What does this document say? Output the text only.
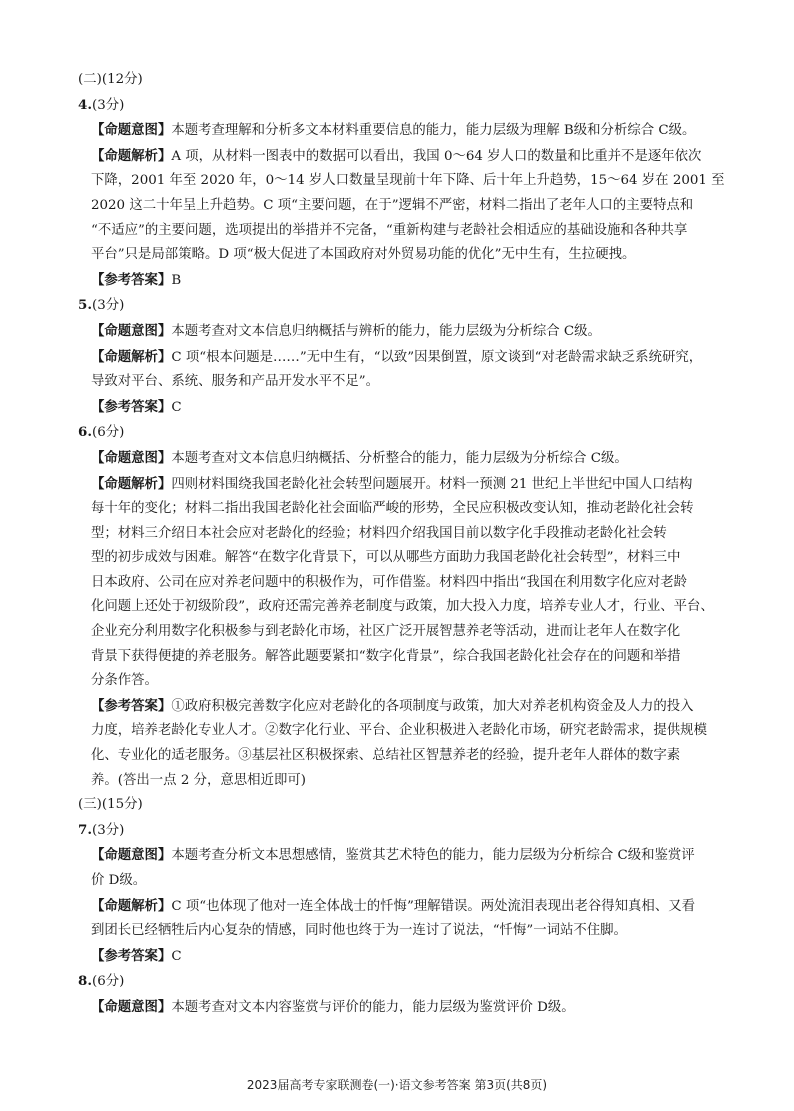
(二)(12分)
4.(3分)
【命题意图】本题考查理解和分析多文本材料重要信息的能力，能力层级为理解 B级和分析综合 C级。
【命题解析】A 项，从材料一图表中的数据可以看出，我国 0～64 岁人口的数量和比重并不是逐年依次
下降，2001 年至 2020 年，0～14 岁人口数量呈现前十年下降、后十年上升趋势，15～64 岁在 2001 至
2020 这二十年呈上升趋势。C 项“主要问题，在于”逻辑不严密，材料二指出了老年人口的主要特点和
“不适应”的主要问题，选项提出的举措并不完备，“重新构建与老龄社会相适应的基础设施和各种共享
平台”只是局部策略。D 项“极大促进了本国政府对外贸易功能的优化”无中生有，生拉硬拽。
【参考答案】B
5.(3分)
【命题意图】本题考查对文本信息归纳概括与辨析的能力，能力层级为分析综合 C级。
【命题解析】C 项“根本问题是……”无中生有，“以致”因果倒置，原文谈到“对老龄需求缺乏系统研究，
导致对平台、系统、服务和产品开发水平不足”。
【参考答案】C
6.(6分)
【命题意图】本题考查对文本信息归纳概括、分析整合的能力，能力层级为分析综合 C级。
【命题解析】四则材料围绕我国老龄化社会转型问题展开。材料一预测 21 世纪上半世纪中国人口结构
每十年的变化；材料二指出我国老龄化社会面临严峻的形势，全民应积极改变认知，推动老龄化社会转
型；材料三介绍日本社会应对老龄化的经验；材料四介绍我国目前以数字化手段推动老龄化社会转
型的初步成效与困难。解答“在数字化背景下，可以从哪些方面助力我国老龄化社会转型”，材料三中
日本政府、公司在应对养老问题中的积极作为，可作借鉴。材料四中指出“我国在利用数字化应对老龄
化问题上还处于初级阶段”，政府还需完善养老制度与政策，加大投入力度，培养专业人才，行业、平台、
企业充分利用数字化积极参与到老龄化市场，社区广泛开展智慧养老等活动，进而让老年人在数字化
背景下获得便捷的养老服务。解答此题要紧扣“数字化背景”，综合我国老龄化社会存在的问题和举措
分条作答。
【参考答案】①政府积极完善数字化应对老龄化的各项制度与政策，加大对养老机构资金及人力的投入
力度，培养老龄化专业人才。②数字化行业、平台、企业积极进入老龄化市场，研究老龄需求，提供规模
化、专业化的适老服务。③基层社区积极探索、总结社区智慧养老的经验，提升老年人群体的数字素
养。(答出一点 2 分，意思相近即可)
(三)(15分)
7.(3分)
【命题意图】本题考查分析文本思想感情，鉴赏其艺术特色的能力，能力层级为分析综合 C级和鉴赏评
价 D级。
【命题解析】C 项“也体现了他对一连全体战士的忏悔”理解错误。两处流泪表现出老谷得知真相、又看
到团长已经牺牲后内心复杂的情感，同时他也终于为一连讨了说法，“忏悔”一词站不住脚。
【参考答案】C
8.(6分)
【命题意图】本题考查对文本内容鉴赏与评价的能力，能力层级为鉴赏评价 D级。
2023届高考专家联测卷(一)·语文参考答案 第3页(共8页)
